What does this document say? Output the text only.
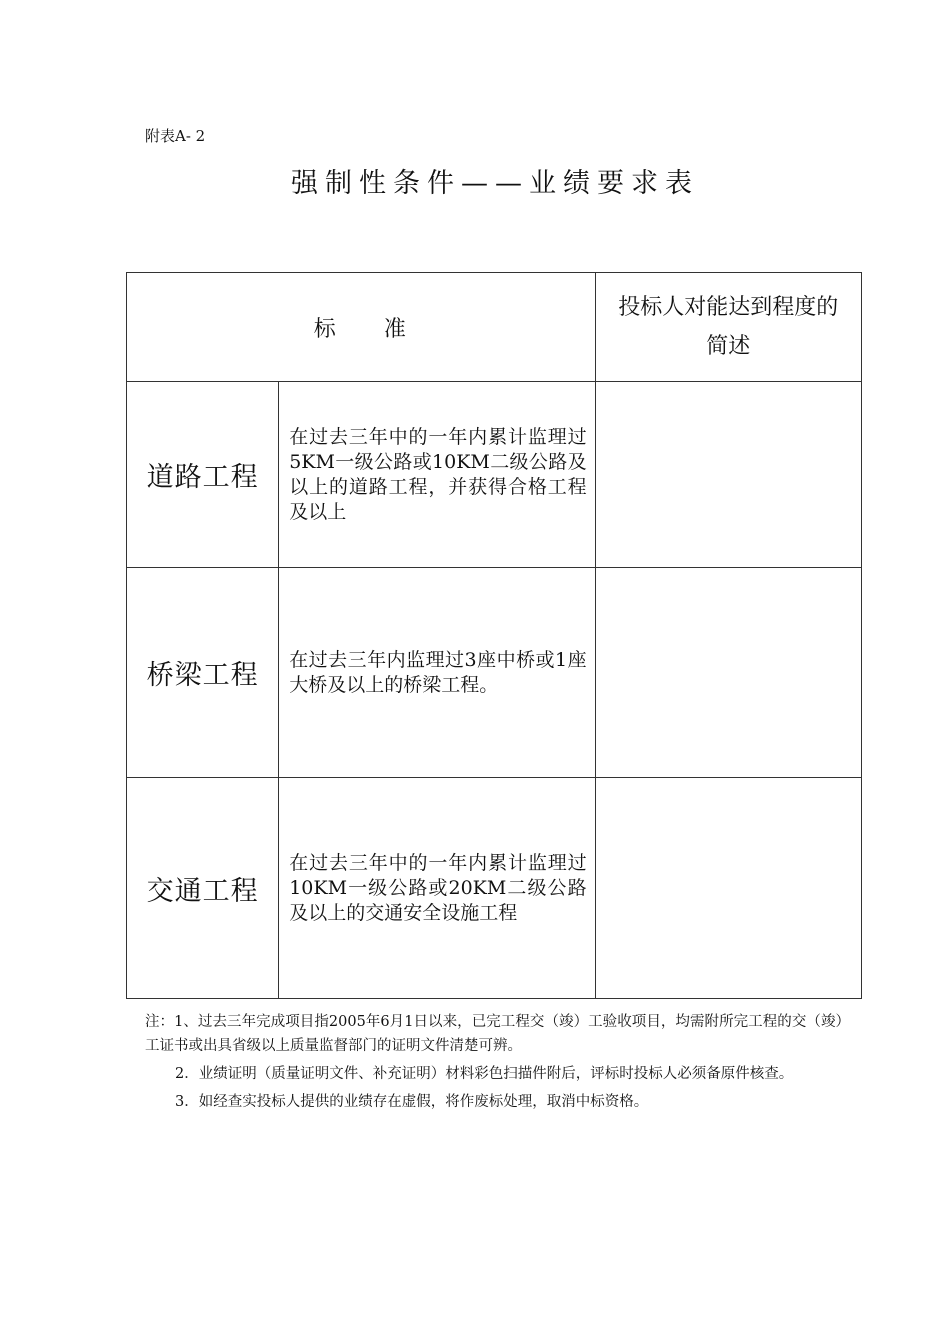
附表A- 2
强制性条件——业绩要求表
标 准		投标人对能达到程度的简述
道路工程	在过去三年中的一年内累计监理过5KM一级公路或10KM二级公路及以上的道路工程，并获得合格工程及以上	
桥梁工程	在过去三年内监理过3座中桥或1座大桥及以上的桥梁工程。	
交通工程	在过去三年中的一年内累计监理过10KM一级公路或20KM二级公路及以上的交通安全设施工程	

注：1、过去三年完成项目指2005年6月1日以来，已完工程交（竣）工验收项目，均需附所完工程的交（竣）工证书或出具省级以上质量监督部门的证明文件清楚可辨。

2．业绩证明（质量证明文件、补充证明）材料彩色扫描件附后，评标时投标人必须备原件核查。

3．如经查实投标人提供的业绩存在虚假，将作废标处理，取消中标资格。
